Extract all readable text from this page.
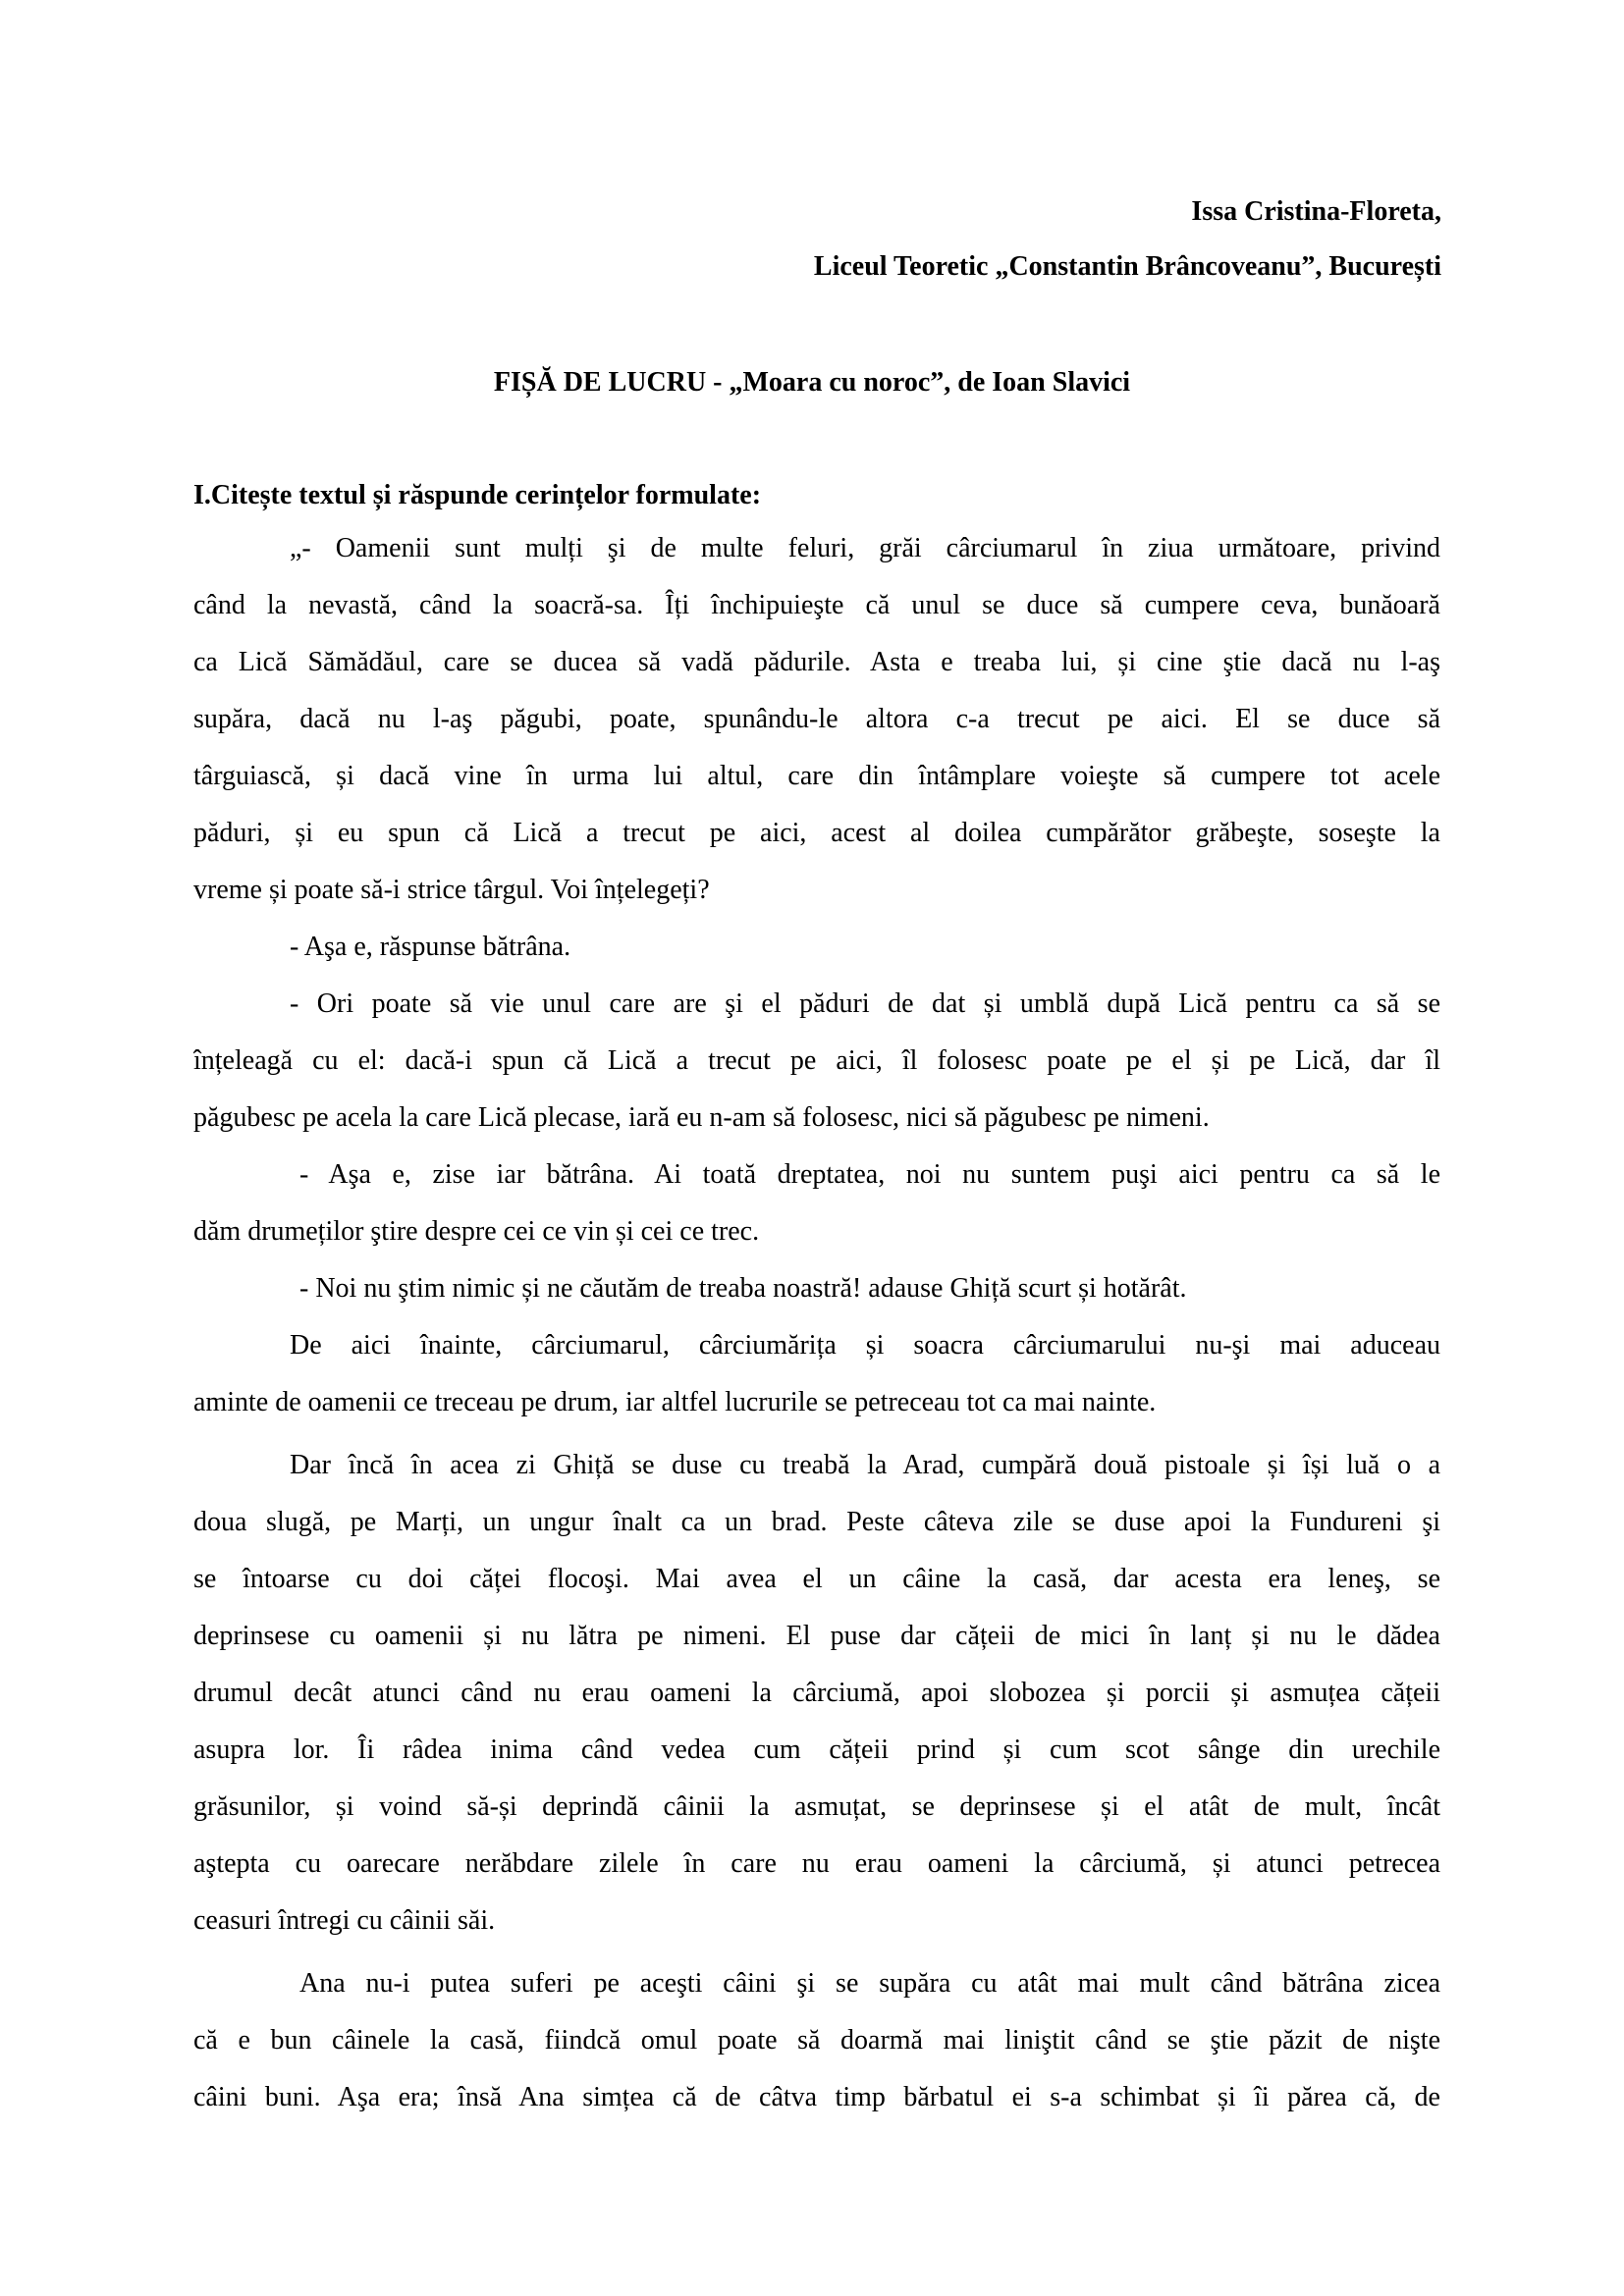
Issa Cristina-Floreta,
Liceul Teoretic „Constantin Brâncoveanu”, București
FIȘĂ DE LUCRU - „Moara cu noroc”, de Ioan Slavici
I.Citește textul și răspunde cerințelor formulate:
„- Oamenii sunt mulți şi de multe feluri, grăi cârciumarul în ziua următoare, privind
când la nevastă, când la soacră-sa. Îți închipuieşte că unul se duce să cumpere ceva, bunăoară
ca Lică Sămădăul, care se ducea să vadă pădurile. Asta e treaba lui, și cine ştie dacă nu l-aş
supăra, dacă nu l-aş păgubi, poate, spunându-le altora c-a trecut pe aici. El se duce să
târguiască, și dacă vine în urma lui altul, care din întâmplare voieşte să cumpere tot acele
păduri, și eu spun că Lică a trecut pe aici, acest al doilea cumpărător grăbeşte, soseşte la
vreme și poate să-i strice târgul. Voi înțelegeți?
- Aşa e, răspunse bătrâna.
- Ori poate să vie unul care are şi el păduri de dat și umblă după Lică pentru ca să se
înțeleagă cu el: dacă-i spun că Lică a trecut pe aici, îl folosesc poate pe el și pe Lică, dar îl
păgubesc pe acela la care Lică plecase, iară eu n-am să folosesc, nici să păgubesc pe nimeni.
- Aşa e, zise iar bătrâna. Ai toată dreptatea, noi nu suntem puşi aici pentru ca să le
dăm drumeților ştire despre cei ce vin și cei ce trec.
- Noi nu ştim nimic și ne căutăm de treaba noastră! adause Ghiță scurt și hotărât.
De aici înainte, cârciumarul, cârciumărița și soacra cârciumarului nu-şi mai aduceau
aminte de oamenii ce treceau pe drum, iar altfel lucrurile se petreceau tot ca mai nainte.
Dar încă în acea zi Ghiță se duse cu treabă la Arad, cumpără două pistoale și își luă o a
doua slugă, pe Marți, un ungur înalt ca un brad. Peste câteva zile se duse apoi la Fundureni şi
se întoarse cu doi căței flocoşi. Mai avea el un câine la casă, dar acesta era leneş, se
deprinsese cu oamenii și nu lătra pe nimeni. El puse dar cățeii de mici în lanț și nu le dădea
drumul decât atunci când nu erau oameni la cârciumă, apoi slobozea și porcii și asmuțea cățeii
asupra lor. Îi râdea inima când vedea cum cățeii prind și cum scot sânge din urechile
grăsunilor, și voind să-și deprindă câinii la asmuțat, se deprinsese și el atât de mult, încât
aştepta cu oarecare nerăbdare zilele în care nu erau oameni la cârciumă, și atunci petrecea
ceasuri întregi cu câinii săi.
Ana nu-i putea suferi pe aceşti câini şi se supăra cu atât mai mult când bătrâna zicea
că e bun câinele la casă, fiindcă omul poate să doarmă mai liniştit când se ştie păzit de nişte
câini buni. Aşa era; însă Ana simțea că de câtva timp bărbatul ei s-a schimbat și îi părea că, de
